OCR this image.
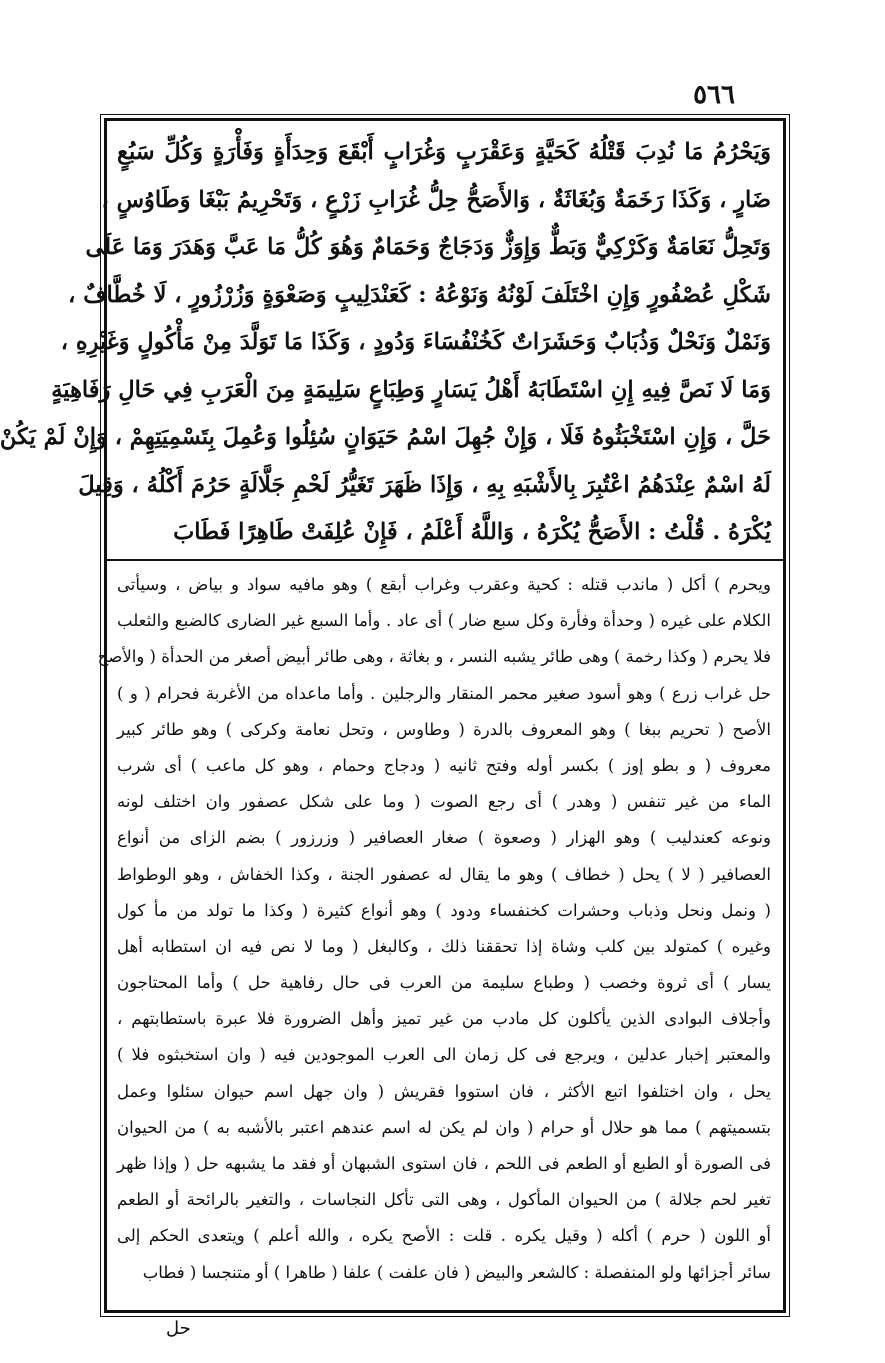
٥٦٦
وَيَحْرُمُ مَا نُدِبَ قَتْلُهُ كَحَيَّةٍ وَعَقْرَبٍ وَغُرَابٍ أَبْقَعَ وَحِدَأَةٍ وَفَأْرَةٍ وَكُلِّ سَبُعٍ
ضَارٍ ، وَكَذَا رَخَمَةٌ وَبُغَاثَةٌ ، وَالأَصَحُّ حِلُّ غُرَابِ زَرْعٍ ، وَتَحْرِيمُ بَبْغَا وَطَاوُسٍ ،
وَتَحِلُّ نَعَامَةٌ وَكَرْكِيٌّ وَبَطٌّ وَإِوَزٌّ وَدَجَاجٌ وَحَمَامٌ وَهُوَ كُلُّ مَا عَبَّ وَهَدَرَ وَمَا عَلَى
شَكْلِ عُصْفُورٍ وَإِنِ اخْتَلَفَ لَوْنُهُ وَنَوْعُهُ : كَعَنْدَلِيبٍ وَصَعْوَةٍ وَزُرْزُورٍ ، لَا خُطَّافٌ ،
وَنَمْلٌ وَنَحْلٌ وَذُبَابٌ وَحَشَرَاتٌ كَخُنْفُسَاءَ وَدُودٍ ، وَكَذَا مَا تَوَلَّدَ مِنْ مَأْكُولٍ وَغَيْرِهِ ،
وَمَا لَا نَصَّ فِيهِ إِنِ اسْتَطَابَهُ أَهْلُ يَسَارٍ وَطِبَاعٍ سَلِيمَةٍ مِنَ الْعَرَبِ فِي حَالِ رَفَاهِيَةٍ
حَلَّ ، وَإِنِ اسْتَخْبَثُوهُ فَلَا ، وَإِنْ جُهِلَ اسْمُ حَيَوَانٍ سُئِلُوا وَعُمِلَ بِتَسْمِيَتِهِمْ ، وَإِنْ لَمْ يَكُنْ
لَهُ اسْمٌ عِنْدَهُمُ اعْتُبِرَ بِالأَشْبَهِ بِهِ ، وَإِذَا ظَهَرَ تَغَيُّرُ لَحْمِ جَلَّالَةٍ حَرُمَ أَكْلُهُ ، وَقِيلَ
يُكْرَهُ . قُلْتُ : الأَصَحُّ يُكْرَهُ ، وَاللَّهُ أَعْلَمُ ، فَإِنْ عُلِفَتْ طَاهِرًا فَطَابَ
ويحرم ) أكل ( ماندب قتله : كحية وعقرب وغراب أبقع ) وهو مافيه سواد و بياض ، وسيأتى
الكلام على غيره ( وحدأة وفأرة وكل سبع ضار ) أى عاد . وأما السبع غير الضارى كالضبع والثعلب
فلا يحرم ( وكذا رخمة ) وهى طائر يشبه النسر ، و بغاثة ، وهى طائر أبيض أصغر من الحدأة ( والأصح
حل غراب زرع ) وهو أسود صغير محمر المنقار والرجلين . وأما ماعداه من الأغربة فحرام ( و )
الأصح ( تحريم ببغا ) وهو المعروف بالدرة ( وطاوس ، وتحل نعامة وكركى ) وهو طائر كبير
معروف ( و بطو إوز ) بكسر أوله وفتح ثانيه ( ودجاج وحمام ، وهو كل ماعب ) أى شرب
الماء من غير تنفس ( وهدر ) أى رجع الصوت ( وما على شكل عصفور وان اختلف لونه
ونوعه كعندليب ) وهو الهزار ( وصعوة ) صغار العصافير ( وزرزور ) بضم الزاى من أنواع
العصافير ( لا ) يحل ( خطاف ) وهو ما يقال له عصفور الجنة ، وكذا الخفاش ، وهو الوطواط
( ونمل ونحل وذباب وحشرات كخنفساء ودود ) وهو أنواع كثيرة ( وكذا ما تولد من مأ كول
وغيره ) كمتولد بين كلب وشاة إذا تحققنا ذلك ، وكالبغل ( وما لا نص فيه ان استطابه أهل
يسار ) أى ثروة وخصب ( وطباع سليمة من العرب فى حال رفاهية حل ) وأما المحتاجون
وأجلاف البوادى الذين يأكلون كل مادب من غير تميز وأهل الضرورة فلا عبرة باستطابتهم ،
والمعتبر إخبار عدلين ، ويرجع فى كل زمان الى العرب الموجودين فيه ( وان استخبثوه فلا )
يحل ، وان اختلفوا اتبع الأكثر ، فان استووا فقريش ( وان جهل اسم حيوان سئلوا وعمل
بتسميتهم ) مما هو حلال أو حرام ( وان لم يكن له اسم عندهم اعتبر بالأشبه به ) من الحيوان
فى الصورة أو الطبع أو الطعم فى اللحم ، فان استوى الشبهان أو فقد ما يشبهه حل ( وإذا ظهر
تغير لحم جلالة ) من الحيوان المأكول ، وهى التى تأكل النجاسات ، والتغير بالرائحة أو الطعم
أو اللون ( حرم ) أكله ( وقيل يكره . قلت : الأصح يكره ، والله أعلم ) ويتعدى الحكم إلى
سائر أجزائها ولو المنفصلة : كالشعر والبيض ( فان علفت ) علفا ( طاهرا ) أو متنجسا ( فطاب
حل
